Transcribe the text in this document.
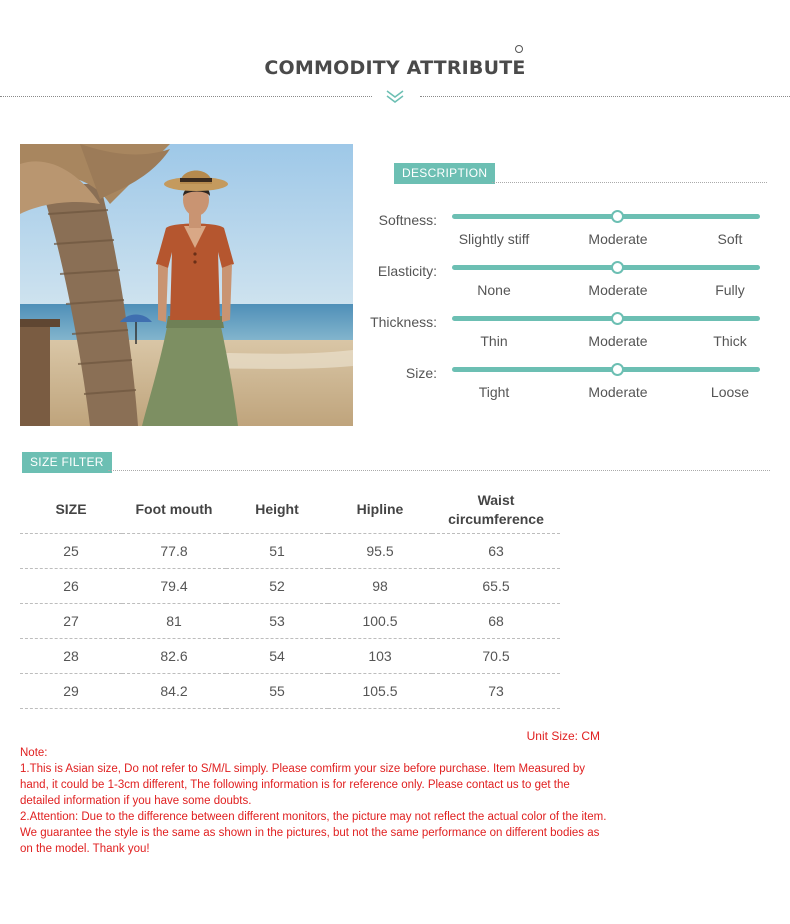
COMMODITY ATTRIBUTE
DESCRIPTION
Softness:
Slightly stiff	Moderate	Soft
Elasticity:
None	Moderate	Fully
Thickness:
Thin	Moderate	Thick
Size:
Tight	Moderate	Loose
SIZE FILTER
SIZE	Foot mouth	Height	Hipline	Waist
circumference
25	77.8	51	95.5	63
26	79.4	52	98	65.5
27	81	53	100.5	68
28	82.6	54	103	70.5
29	84.2	55	105.5	73
Unit Size: CM

Note:

1.This is Asian size, Do not refer to S/M/L simply. Please comfirm your size before purchase. Item Measured by hand, it could be 1-3cm different, The following information is for reference only. Please contact us to get the detailed information if you have some doubts.

2.Attention: Due to the difference between different monitors, the picture may not reflect the actual color of the item. We guarantee the style is the same as shown in the pictures, but not the same performance on different bodies as on the model. Thank you!
